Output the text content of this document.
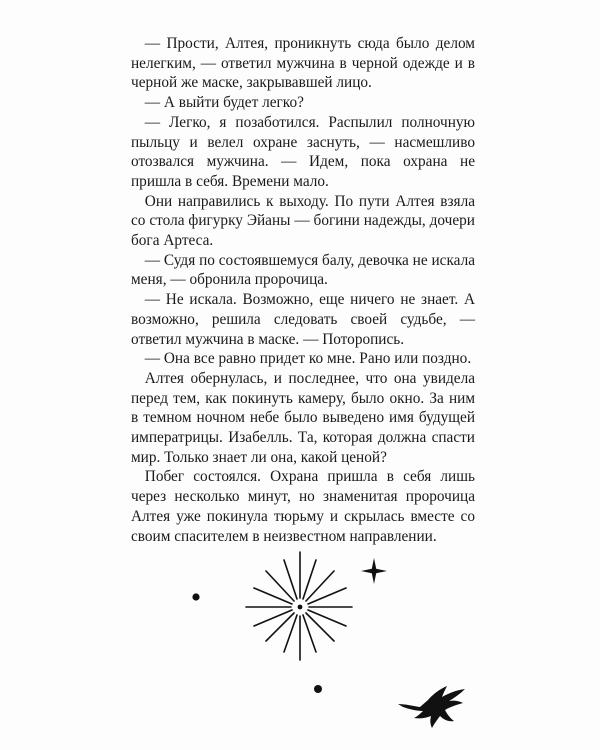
— Прости, Алтея, проникнуть сюда было делом нелегким, — ответил мужчина в черной одежде и в черной же маске, закрывавшей лицо.

— А выйти будет легко?

— Легко, я позаботился. Распылил полночную пыльцу и велел охране заснуть, — насмешливо отозвался мужчина. — Идем, пока охрана не пришла в себя. Времени мало.

Они направились к выходу. По пути Алтея взяла со стола фигурку Эйаны — богини надежды, дочери бога Артеса.

— Судя по состоявшемуся балу, девочка не искала меня, — обронила пророчица.

— Не искала. Возможно, еще ничего не знает. А возможно, решила следовать своей судьбе, — ответил мужчина в маске. — Поторопись.

— Она все равно придет ко мне. Рано или поздно.

Алтея обернулась, и последнее, что она увидела перед тем, как покинуть камеру, было окно. За ним в темном ночном небе было выведено имя будущей императрицы. Изабелль. Та, которая должна спасти мир. Только знает ли она, какой ценой?

Побег состоялся. Охрана пришла в себя лишь через несколько минут, но знаменитая пророчица Алтея уже покинула тюрьму и скрылась вместе со своим спасителем в неизвестном направлении.
